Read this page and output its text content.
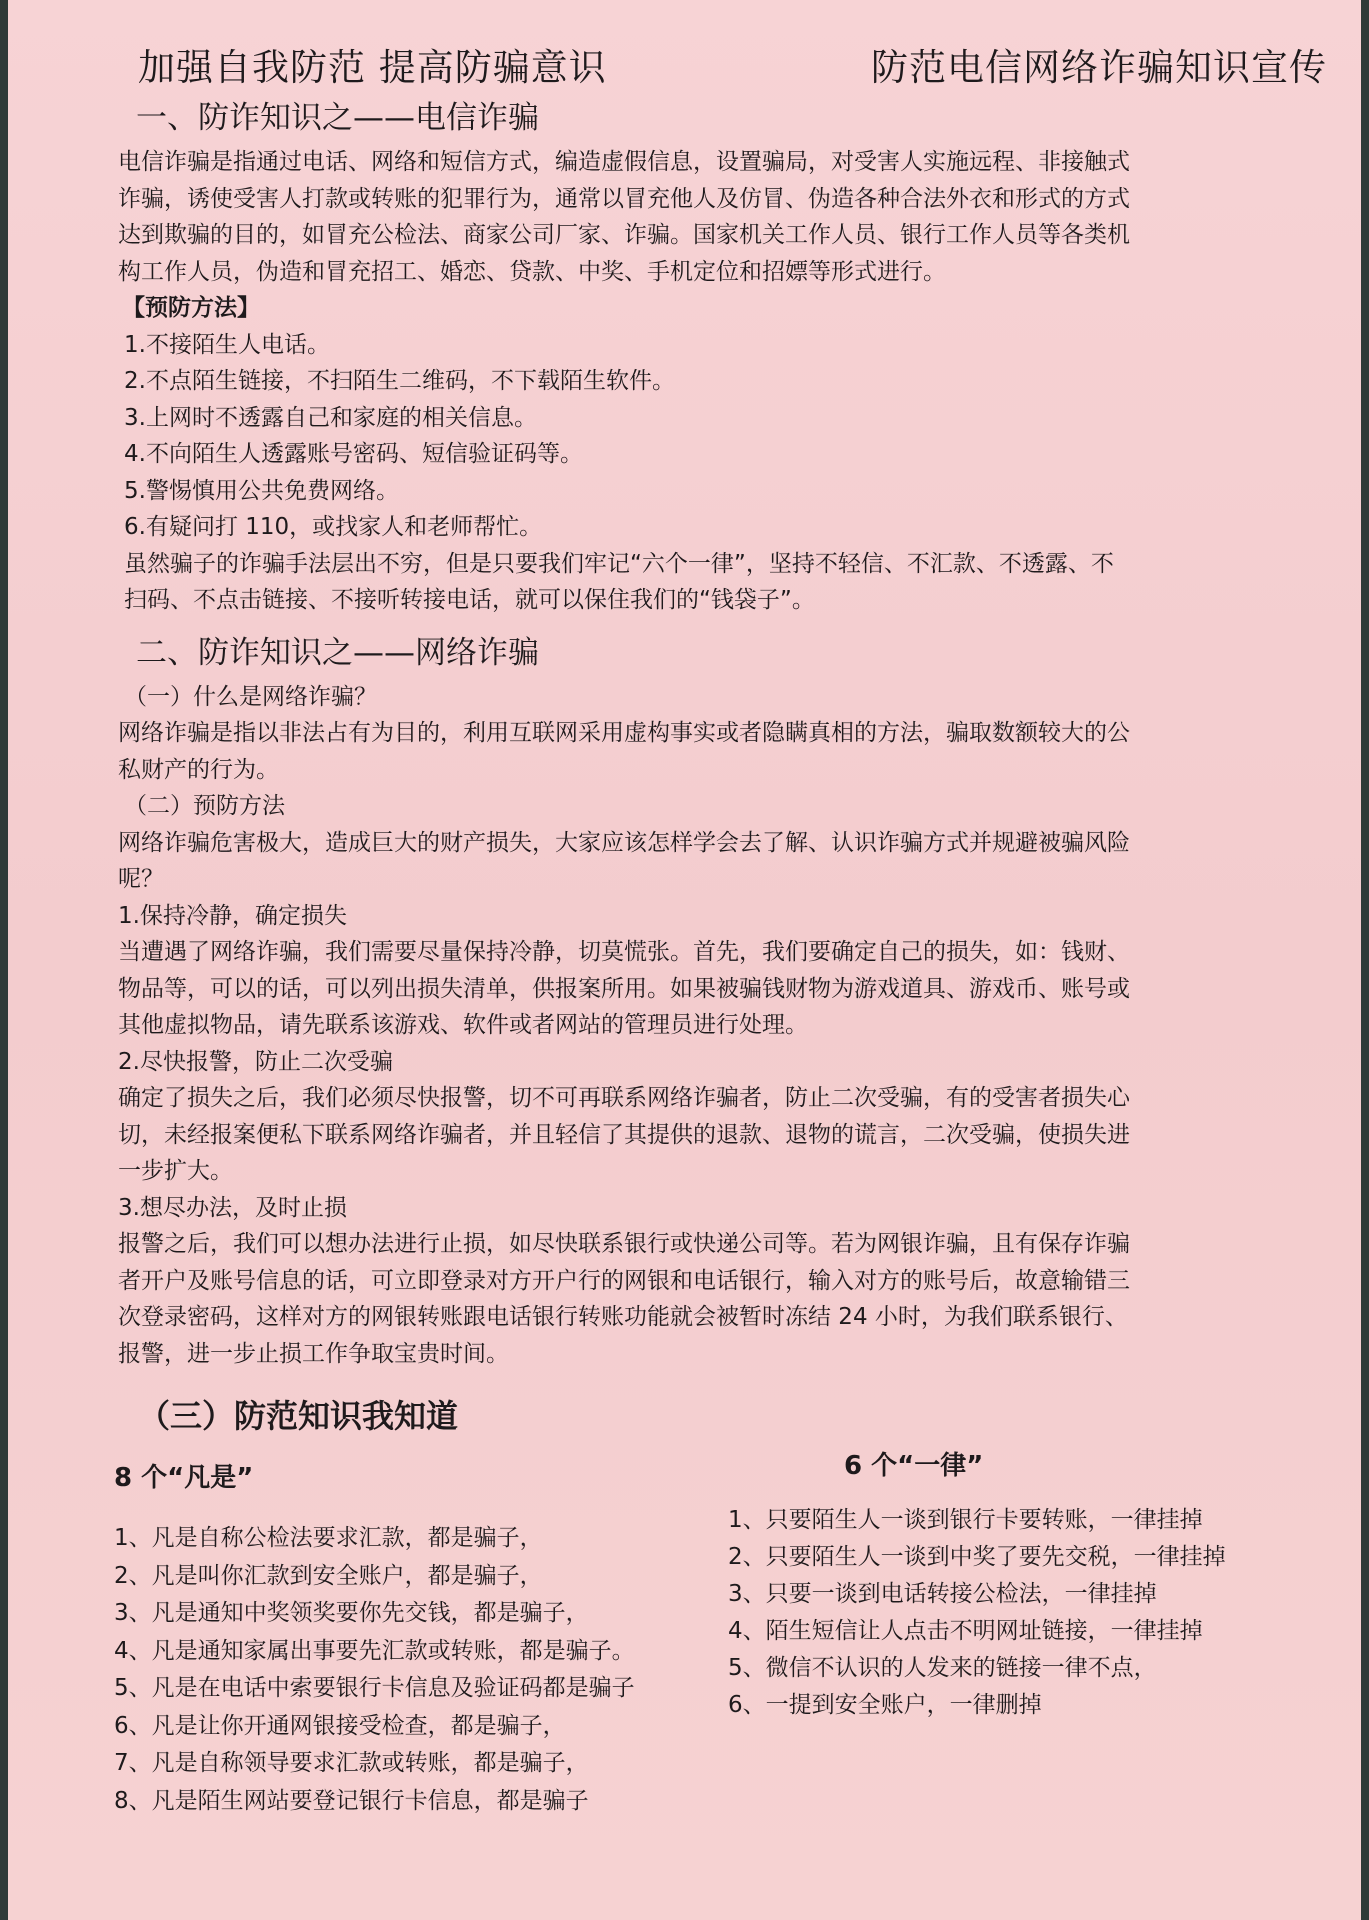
加强自我防范 提高防骗意识	防范电信网络诈骗知识宣传

一、防诈知识之——电信诈骗

电信诈骗是指通过电话、网络和短信方式，编造虚假信息，设置骗局，对受害人实施远程、非接触式

诈骗，诱使受害人打款或转账的犯罪行为，通常以冒充他人及仿冒、伪造各种合法外衣和形式的方式

达到欺骗的目的，如冒充公检法、商家公司厂家、诈骗。国家机关工作人员、银行工作人员等各类机

构工作人员，伪造和冒充招工、婚恋、贷款、中奖、手机定位和招嫖等形式进行。

【预防方法】

1.不接陌生人电话。

2.不点陌生链接，不扫陌生二维码，不下载陌生软件。

3.上网时不透露自己和家庭的相关信息。

4.不向陌生人透露账号密码、短信验证码等。

5.警惕慎用公共免费网络。

6.有疑问打 110，或找家人和老师帮忙。

虽然骗子的诈骗手法层出不穷，但是只要我们牢记“六个一律”，坚持不轻信、不汇款、不透露、不

扫码、不点击链接、不接听转接电话，就可以保住我们的“钱袋子”。

二、防诈知识之——网络诈骗

（一）什么是网络诈骗？

网络诈骗是指以非法占有为目的，利用互联网采用虚构事实或者隐瞒真相的方法，骗取数额较大的公

私财产的行为。

（二）预防方法

网络诈骗危害极大，造成巨大的财产损失，大家应该怎样学会去了解、认识诈骗方式并规避被骗风险

呢？

1.保持冷静，确定损失

当遭遇了网络诈骗，我们需要尽量保持冷静，切莫慌张。首先，我们要确定自己的损失，如：钱财、

物品等，可以的话，可以列出损失清单，供报案所用。如果被骗钱财物为游戏道具、游戏币、账号或

其他虚拟物品，请先联系该游戏、软件或者网站的管理员进行处理。

2.尽快报警，防止二次受骗

确定了损失之后，我们必须尽快报警，切不可再联系网络诈骗者，防止二次受骗，有的受害者损失心

切，未经报案便私下联系网络诈骗者，并且轻信了其提供的退款、退物的谎言，二次受骗，使损失进

一步扩大。

3.想尽办法，及时止损

报警之后，我们可以想办法进行止损，如尽快联系银行或快递公司等。若为网银诈骗，且有保存诈骗

者开户及账号信息的话，可立即登录对方开户行的网银和电话银行，输入对方的账号后，故意输错三

次登录密码，这样对方的网银转账跟电话银行转账功能就会被暂时冻结 24 小时，为我们联系银行、

报警，进一步止损工作争取宝贵时间。

（三）防范知识我知道

8 个“凡是”

1、凡是自称公检法要求汇款，都是骗子，

2、凡是叫你汇款到安全账户，都是骗子，

3、凡是通知中奖领奖要你先交钱，都是骗子，

4、凡是通知家属出事要先汇款或转账，都是骗子。

5、凡是在电话中索要银行卡信息及验证码都是骗子

6、凡是让你开通网银接受检查，都是骗子，

7、凡是自称领导要求汇款或转账，都是骗子，

8、凡是陌生网站要登记银行卡信息，都是骗子

6 个“一律”

1、只要陌生人一谈到银行卡要转账，一律挂掉

2、只要陌生人一谈到中奖了要先交税，一律挂掉

3、只要一谈到电话转接公检法，一律挂掉

4、陌生短信让人点击不明网址链接，一律挂掉

5、微信不认识的人发来的链接一律不点，

6、一提到安全账户，一律删掉
